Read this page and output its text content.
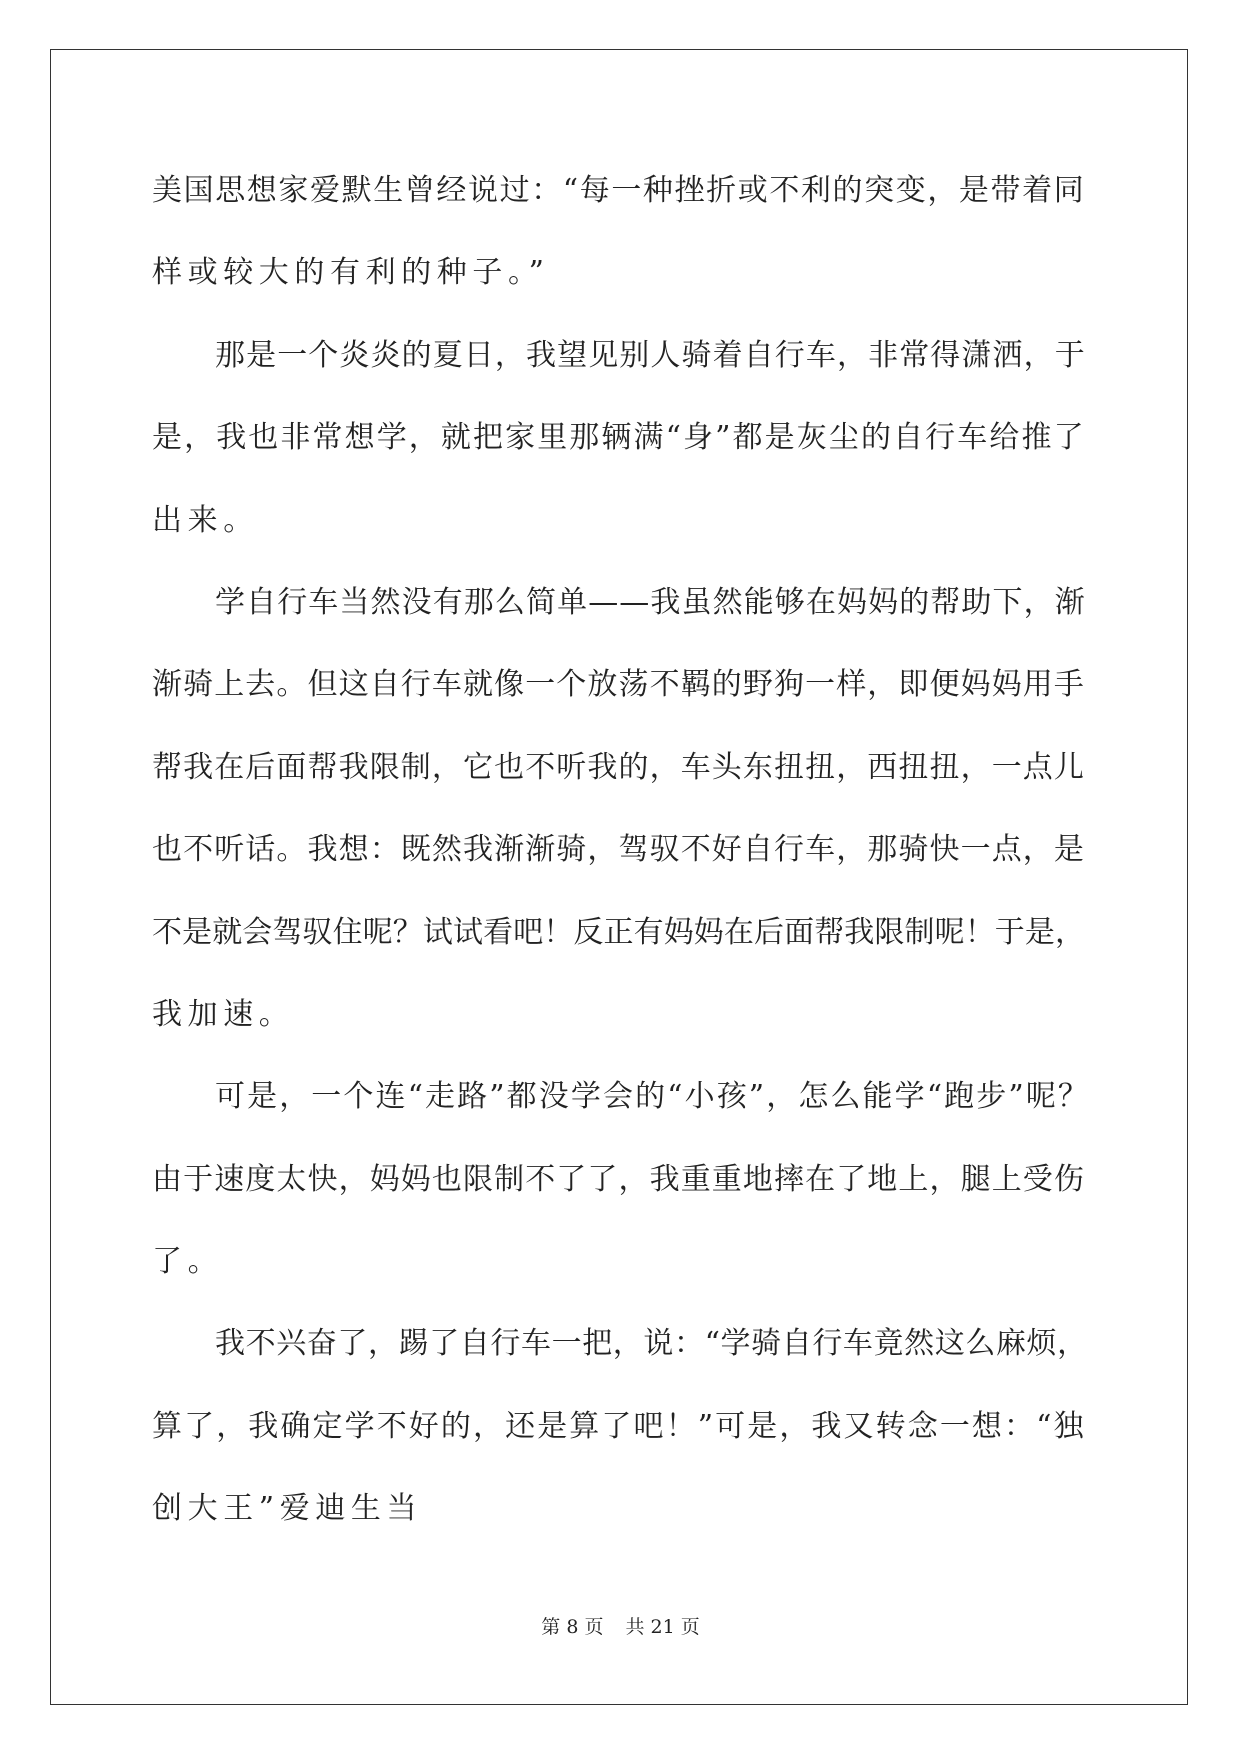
美国思想家爱默生曾经说过：“每一种挫折或不利的突变，是带着同
样或较大的有利的种子。”
那是一个炎炎的夏日，我望见别人骑着自行车，非常得潇洒，于
是，我也非常想学，就把家里那辆满“身”都是灰尘的自行车给推了
出来。
学自行车当然没有那么简单——我虽然能够在妈妈的帮助下，渐
渐骑上去。但这自行车就像一个放荡不羁的野狗一样，即便妈妈用手
帮我在后面帮我限制，它也不听我的，车头东扭扭，西扭扭，一点儿
也不听话。我想：既然我渐渐骑，驾驭不好自行车，那骑快一点，是
不是就会驾驭住呢？试试看吧！反正有妈妈在后面帮我限制呢！于是，
我加速。
可是，一个连“走路”都没学会的“小孩”，怎么能学“跑步”呢？
由于速度太快，妈妈也限制不了了，我重重地摔在了地上，腿上受伤
了。
我不兴奋了，踢了自行车一把，说：“学骑自行车竟然这么麻烦，
算了，我确定学不好的，还是算了吧！”可是，我又转念一想：“独
创大王”爱迪生当
第 8 页 共 21 页
